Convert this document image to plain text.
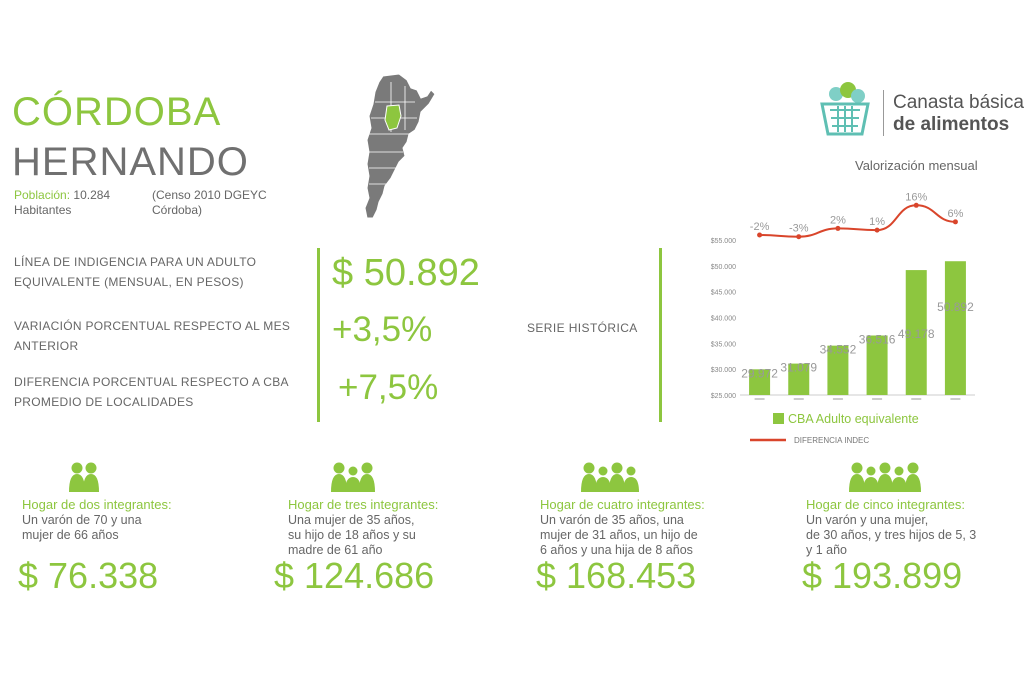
CÓRDOBA
HERNANDO
Población: 10.284
Habitantes
(Censo 2010 DGEYC Córdoba)
Canasta básica
de alimentos
Valorización mensual
LÍNEA DE INDIGENCIA PARA UN ADULTO EQUIVALENTE (MENSUAL, EN PESOS)
VARIACIÓN PORCENTUAL RESPECTO AL MES ANTERIOR
DIFERENCIA PORCENTUAL RESPECTO A CBA PROMEDIO DE LOCALIDADES
$ 50.892
+3,5%
+7,5%
SERIE HISTÓRICA
$25.000
$30.000
$35.000
$40.000
$45.000
$50.000
$55.000
29.972 31.079
34.552
36.516 49.178
50.892
-2% -3%
2% 1%
16%
6%
CBA Adulto equivalente
DIFERENCIA INDEC
Hogar de dos integrantes:
Un varón de 70 y una
mujer de 66 años
$ 76.338
Hogar de tres integrantes:
Una mujer de 35 años,
su hijo de 18 años y su
madre de 61 año
$ 124.686
Hogar de cuatro integrantes:
Un varón de 35 años, una
mujer de 31 años, un hijo de
6 años y una hija de 8 años
$ 168.453
Hogar de cinco integrantes:
Un varón y una mujer,
de 30 años, y tres hijos de 5, 3
y 1 año
$ 193.899
